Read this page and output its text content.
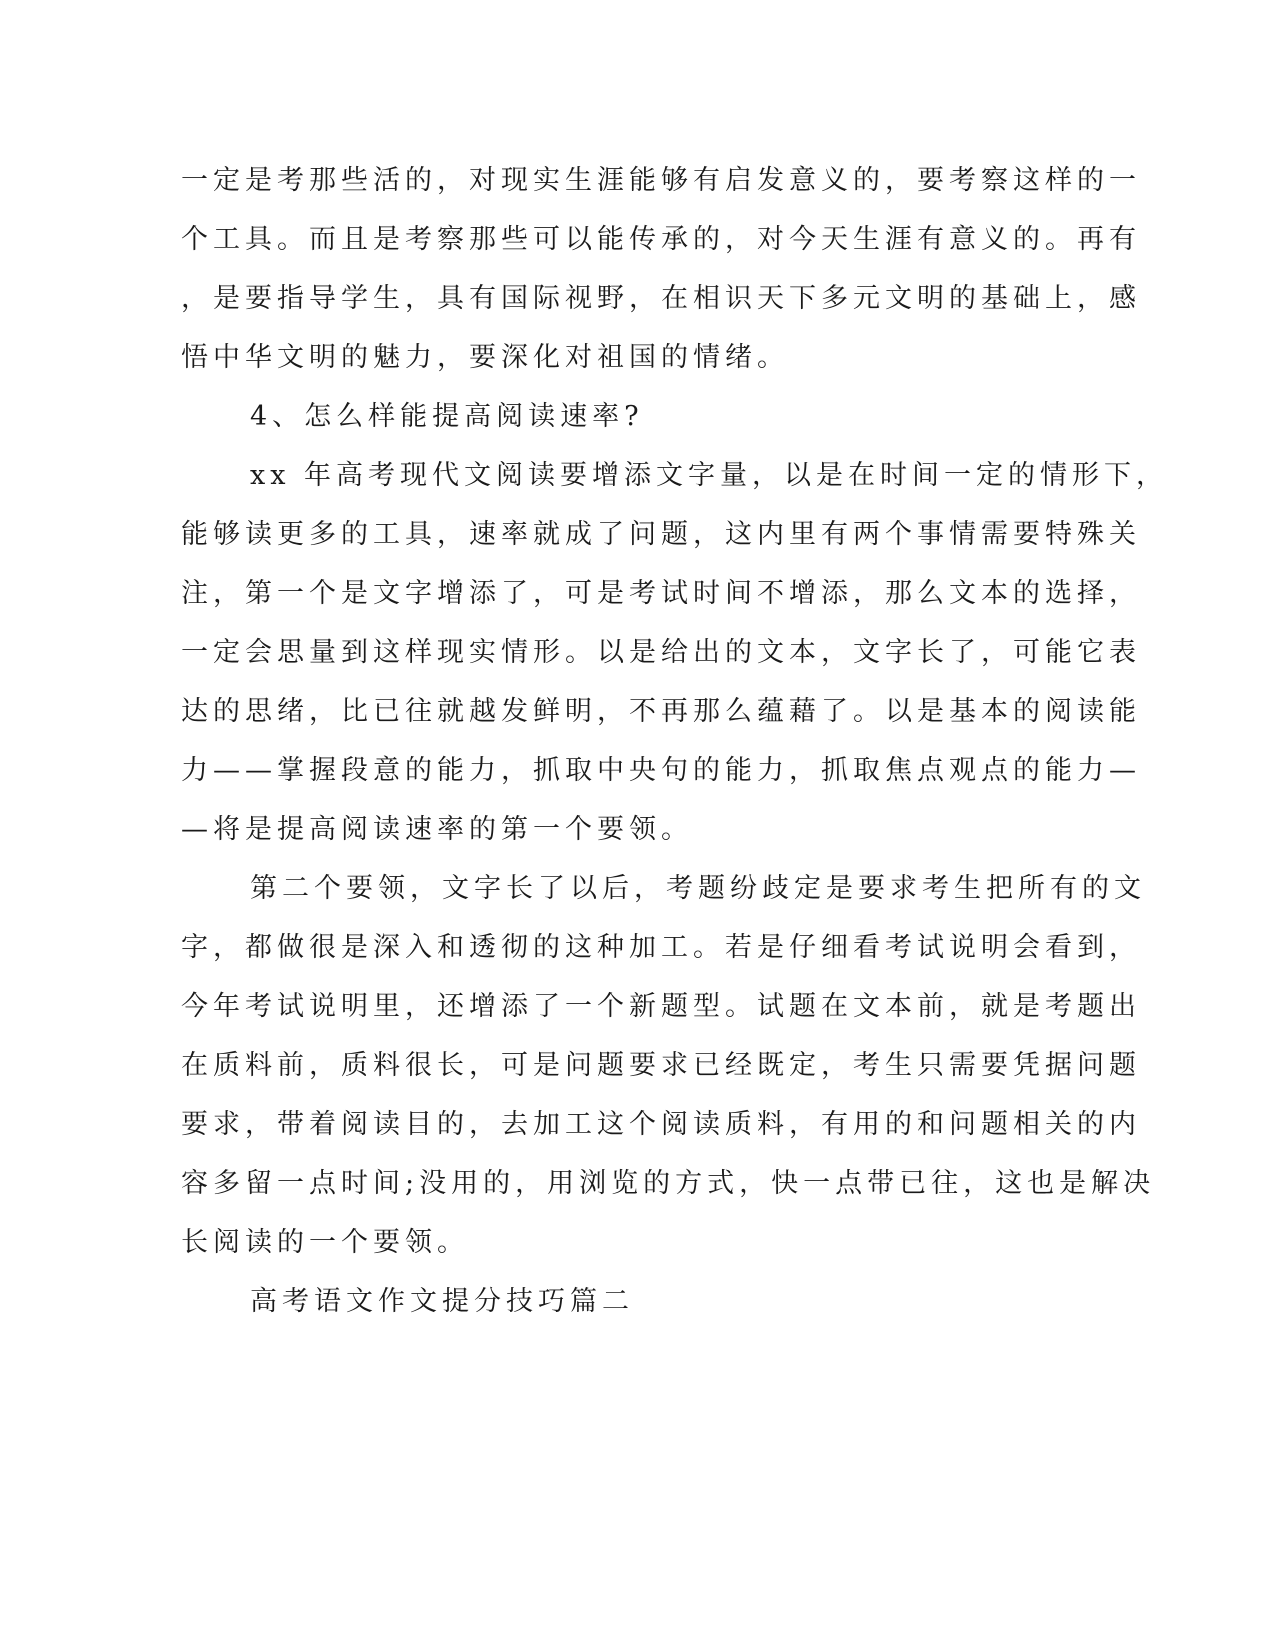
一定是考那些活的，对现实生涯能够有启发意义的，要考察这样的一
个工具。而且是考察那些可以能传承的，对今天生涯有意义的。再有
，是要指导学生，具有国际视野，在相识天下多元文明的基础上，感
悟中华文明的魅力，要深化对祖国的情绪。
4、怎么样能提高阅读速率?
xx 年高考现代文阅读要增添文字量，以是在时间一定的情形下，
能够读更多的工具，速率就成了问题，这内里有两个事情需要特殊关
注，第一个是文字增添了，可是考试时间不增添，那么文本的选择，
一定会思量到这样现实情形。以是给出的文本，文字长了，可能它表
达的思绪，比已往就越发鲜明，不再那么蕴藉了。以是基本的阅读能
力——掌握段意的能力，抓取中央句的能力，抓取焦点观点的能力—
—将是提高阅读速率的第一个要领。
第二个要领，文字长了以后，考题纷歧定是要求考生把所有的文
字，都做很是深入和透彻的这种加工。若是仔细看考试说明会看到，
今年考试说明里，还增添了一个新题型。试题在文本前，就是考题出
在质料前，质料很长，可是问题要求已经既定，考生只需要凭据问题
要求，带着阅读目的，去加工这个阅读质料，有用的和问题相关的内
容多留一点时间;没用的，用浏览的方式，快一点带已往，这也是解决
长阅读的一个要领。
高考语文作文提分技巧篇二
